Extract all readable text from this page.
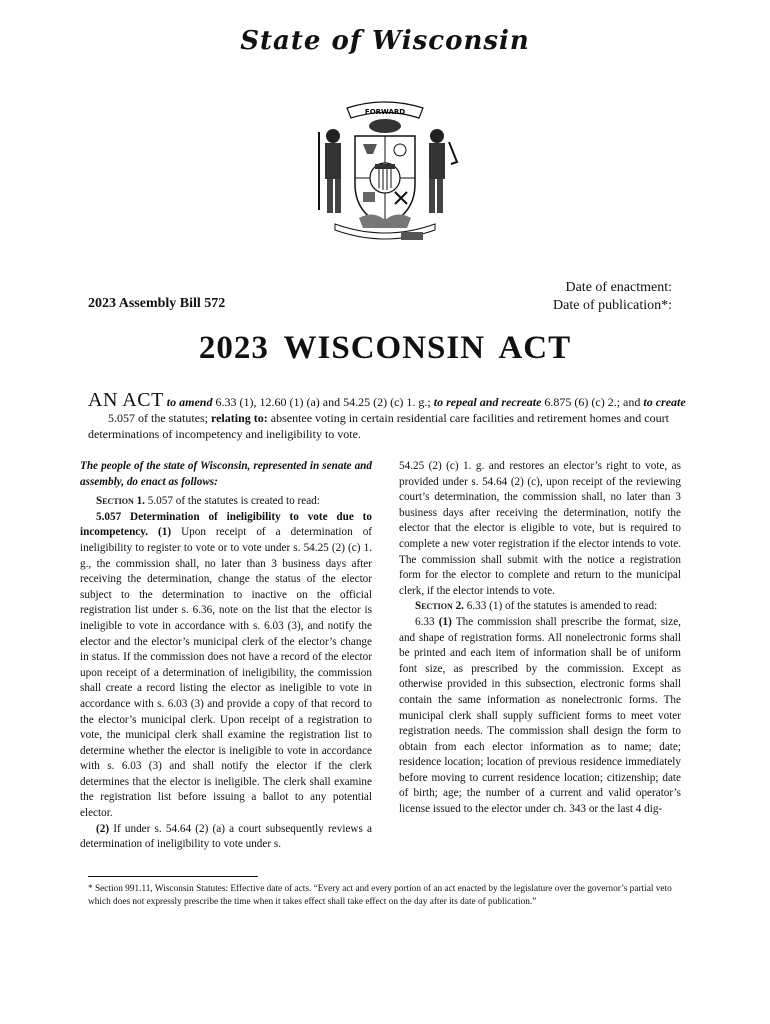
State of Wisconsin
FORWARD
Date of enactment:
Date of publication*:
2023 Assembly Bill 572
2023 WISCONSIN ACT
AN ACT to amend 6.33 (1), 12.60 (1) (a) and 54.25 (2) (c) 1. g.; to repeal and recreate 6.875 (6) (c) 2.; and to create
5.057 of the statutes; relating to: absentee voting in certain residential care facilities and retirement homes and court determinations of incompetency and ineligibility to vote.

The people of the state of Wisconsin, represented in senate and assembly, do enact as follows:

Section 1. 5.057 of the statutes is created to read:

5.057 Determination of ineligibility to vote due to incompetency. (1) Upon receipt of a determination of ineligibility to register to vote or to vote under s. 54.25 (2) (c) 1. g., the commission shall, no later than 3 business days after receiving the determination, change the status of the elector subject to the determination to inactive on the official registration list under s. 6.36, note on the list that the elector is ineligible to vote in accordance with s. 6.03 (3), and notify the elector and the elector’s municipal clerk of the elector’s change in status. If the commission does not have a record of the elector upon receipt of a determination of ineligibility, the commission shall create a record listing the elector as ineligible to vote in accordance with s. 6.03 (3) and provide a copy of that record to the elector’s municipal clerk. Upon receipt of a registration to vote, the municipal clerk shall examine the registration list to determine whether the elector is ineligible to vote in accordance with s. 6.03 (3) and shall notify the elector if the clerk determines that the elector is ineligible. The clerk shall examine the registration list before issuing a ballot to any potential elector.

(2) If under s. 54.64 (2) (a) a court subsequently reviews a determination of ineligibility to vote under s.

54.25 (2) (c) 1. g. and restores an elector’s right to vote, as provided under s. 54.64 (2) (c), upon receipt of the reviewing court’s determination, the commission shall, no later than 3 business days after receiving the determination, notify the elector that the elector is eligible to vote, but is required to complete a new voter registration if the elector intends to vote. The commission shall submit with the notice a registration form for the elector to complete and return to the municipal clerk, if the elector intends to vote.

Section 2. 6.33 (1) of the statutes is amended to read:

6.33 (1) The commission shall prescribe the format, size, and shape of registration forms. All nonelectronic forms shall be printed and each item of information shall be of uniform font size, as prescribed by the commission. Except as otherwise provided in this subsection, electronic forms shall contain the same information as nonelectronic forms. The municipal clerk shall supply sufficient forms to meet voter registration needs. The commission shall design the form to obtain from each elector information as to name; date; residence location; location of previous residence immediately before moving to current residence location; citizenship; date of birth; age; the number of a current and valid operator’s license issued to the elector under ch. 343 or the last 4 dig-

* Section 991.11, Wisconsin Statutes: Effective date of acts. “Every act and every portion of an act enacted by the legislature over the governor’s partial veto which does not expressly prescribe the time when it takes effect shall take effect on the day after its date of publication.”
